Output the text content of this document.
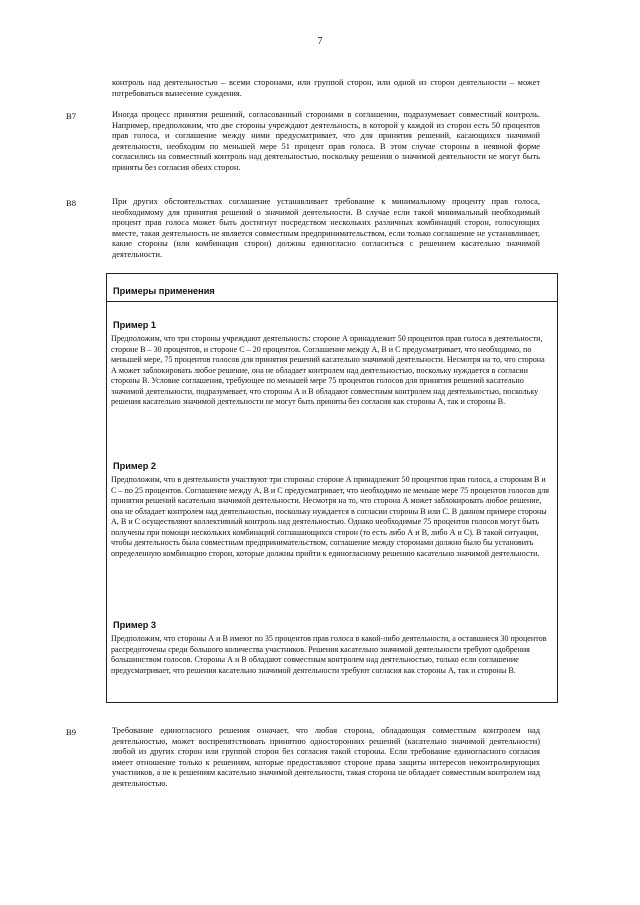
7

контроль над деятельностью – всеми сторонами, или группой сторон, или одной из сторон деятельности – может потребоваться вынесение суждения.

B7	Иногда процесс принятия решений, согласованный сторонами в соглашении, подразумевает совместный контроль. Например, предположим, что две стороны учреждают деятельность, в которой у каждой из сторон есть 50 процентов прав голоса, и соглашение между ними предусматривает, что для принятия решений, касающихся значимой деятельности, необходим по меньшей мере 51 процент прав голоса. В этом случае стороны в неявной форме согласились на совместный контроль над деятельностью, поскольку решения о значимой деятельности не могут быть приняты без согласия обеих сторон.

B8	При других обстоятельствах соглашение устанавливает требование к минимальному проценту прав голоса, необходимому для принятия решений о значимой деятельности. В случае если такой минимальный необходимый процент прав голоса может быть достигнут посредством нескольких различных комбинаций сторон, голосующих вместе, такая деятельность не является совместным предпринимательством, если только соглашение не устанавливает, какие стороны (или комбинация сторон) должны единогласно согласиться с решением касательно значимой деятельности.

Примеры применения
Пример 1

Предположим, что три стороны учреждают деятельность: стороне А принадлежит 50 процентов прав голоса в деятельности, стороне В – 30 процентов, и стороне С – 20 процентов. Соглашение между А, В и С предусматривает, что необходимо, по меньшей мере, 75 процентов голосов для принятия решений касательно значимой деятельности. Несмотря на то, что сторона А может заблокировать любое решение, она не обладает контролем над деятельностью, поскольку нуждается в согласии стороны В. Условие соглашения, требующее по меньшей мере 75 процентов голосов для принятия решений касательно значимой деятельности, подразумевает, что стороны А и В обладают совместным контролем над деятельностью, поскольку решения касательно значимой деятельности не могут быть приняты без согласия как стороны А, так и стороны В.

Пример 2

Предположим, что в деятельности участвуют три стороны: стороне А принадлежит 50 процентов прав голоса, а сторонам В и С – по 25 процентов. Соглашение между А, В и С предусматривает, что необходимо не меньше мере 75 процентов голосов для принятия решений касательно значимой деятельности. Несмотря на то, что сторона А может заблокировать любое решение, она не обладает контролем над деятельностью, поскольку нуждается в согласии стороны В или С. В данном примере стороны А, В и С осуществляют коллективный контроль над деятельностью. Однако необходимые 75 процентов голосов могут быть получены при помощи нескольких комбинаций соглашающихся сторон (то есть либо А и В, либо А и С). В такой ситуации, чтобы деятельность была совместным предпринимательством, соглашение между сторонами должно было бы установить определенную комбинацию сторон, которые должны прийти к единогласному решению касательно значимой деятельности.

Пример 3

Предположим, что стороны А и В имеют по 35 процентов прав голоса в какой-либо деятельности, а оставшиеся 30 процентов рассредоточены среди большого количества участников. Решения касательно значимой деятельности требуют одобрения большинством голосов. Стороны А и В обладают совместным контролем над деятельностью, только если соглашение предусматривает, что решения касательно значимой деятельности требуют согласия как стороны А, так и стороны В.

B9	Требование единогласного решения означает, что любая сторона, обладающая совместным контролем над деятельностью, может воспрепятствовать принятию односторонних решений (касательно значимой деятельности) любой из других сторон или группой сторон без согласия такой стороны. Если требование единогласного согласия имеет отношение только к решениям, которые предоставляют стороне права защиты интересов неконтролирующих участников, а не к решениям касательно значимой деятельности, такая сторона не обладает совместным контролем над деятельностью.
